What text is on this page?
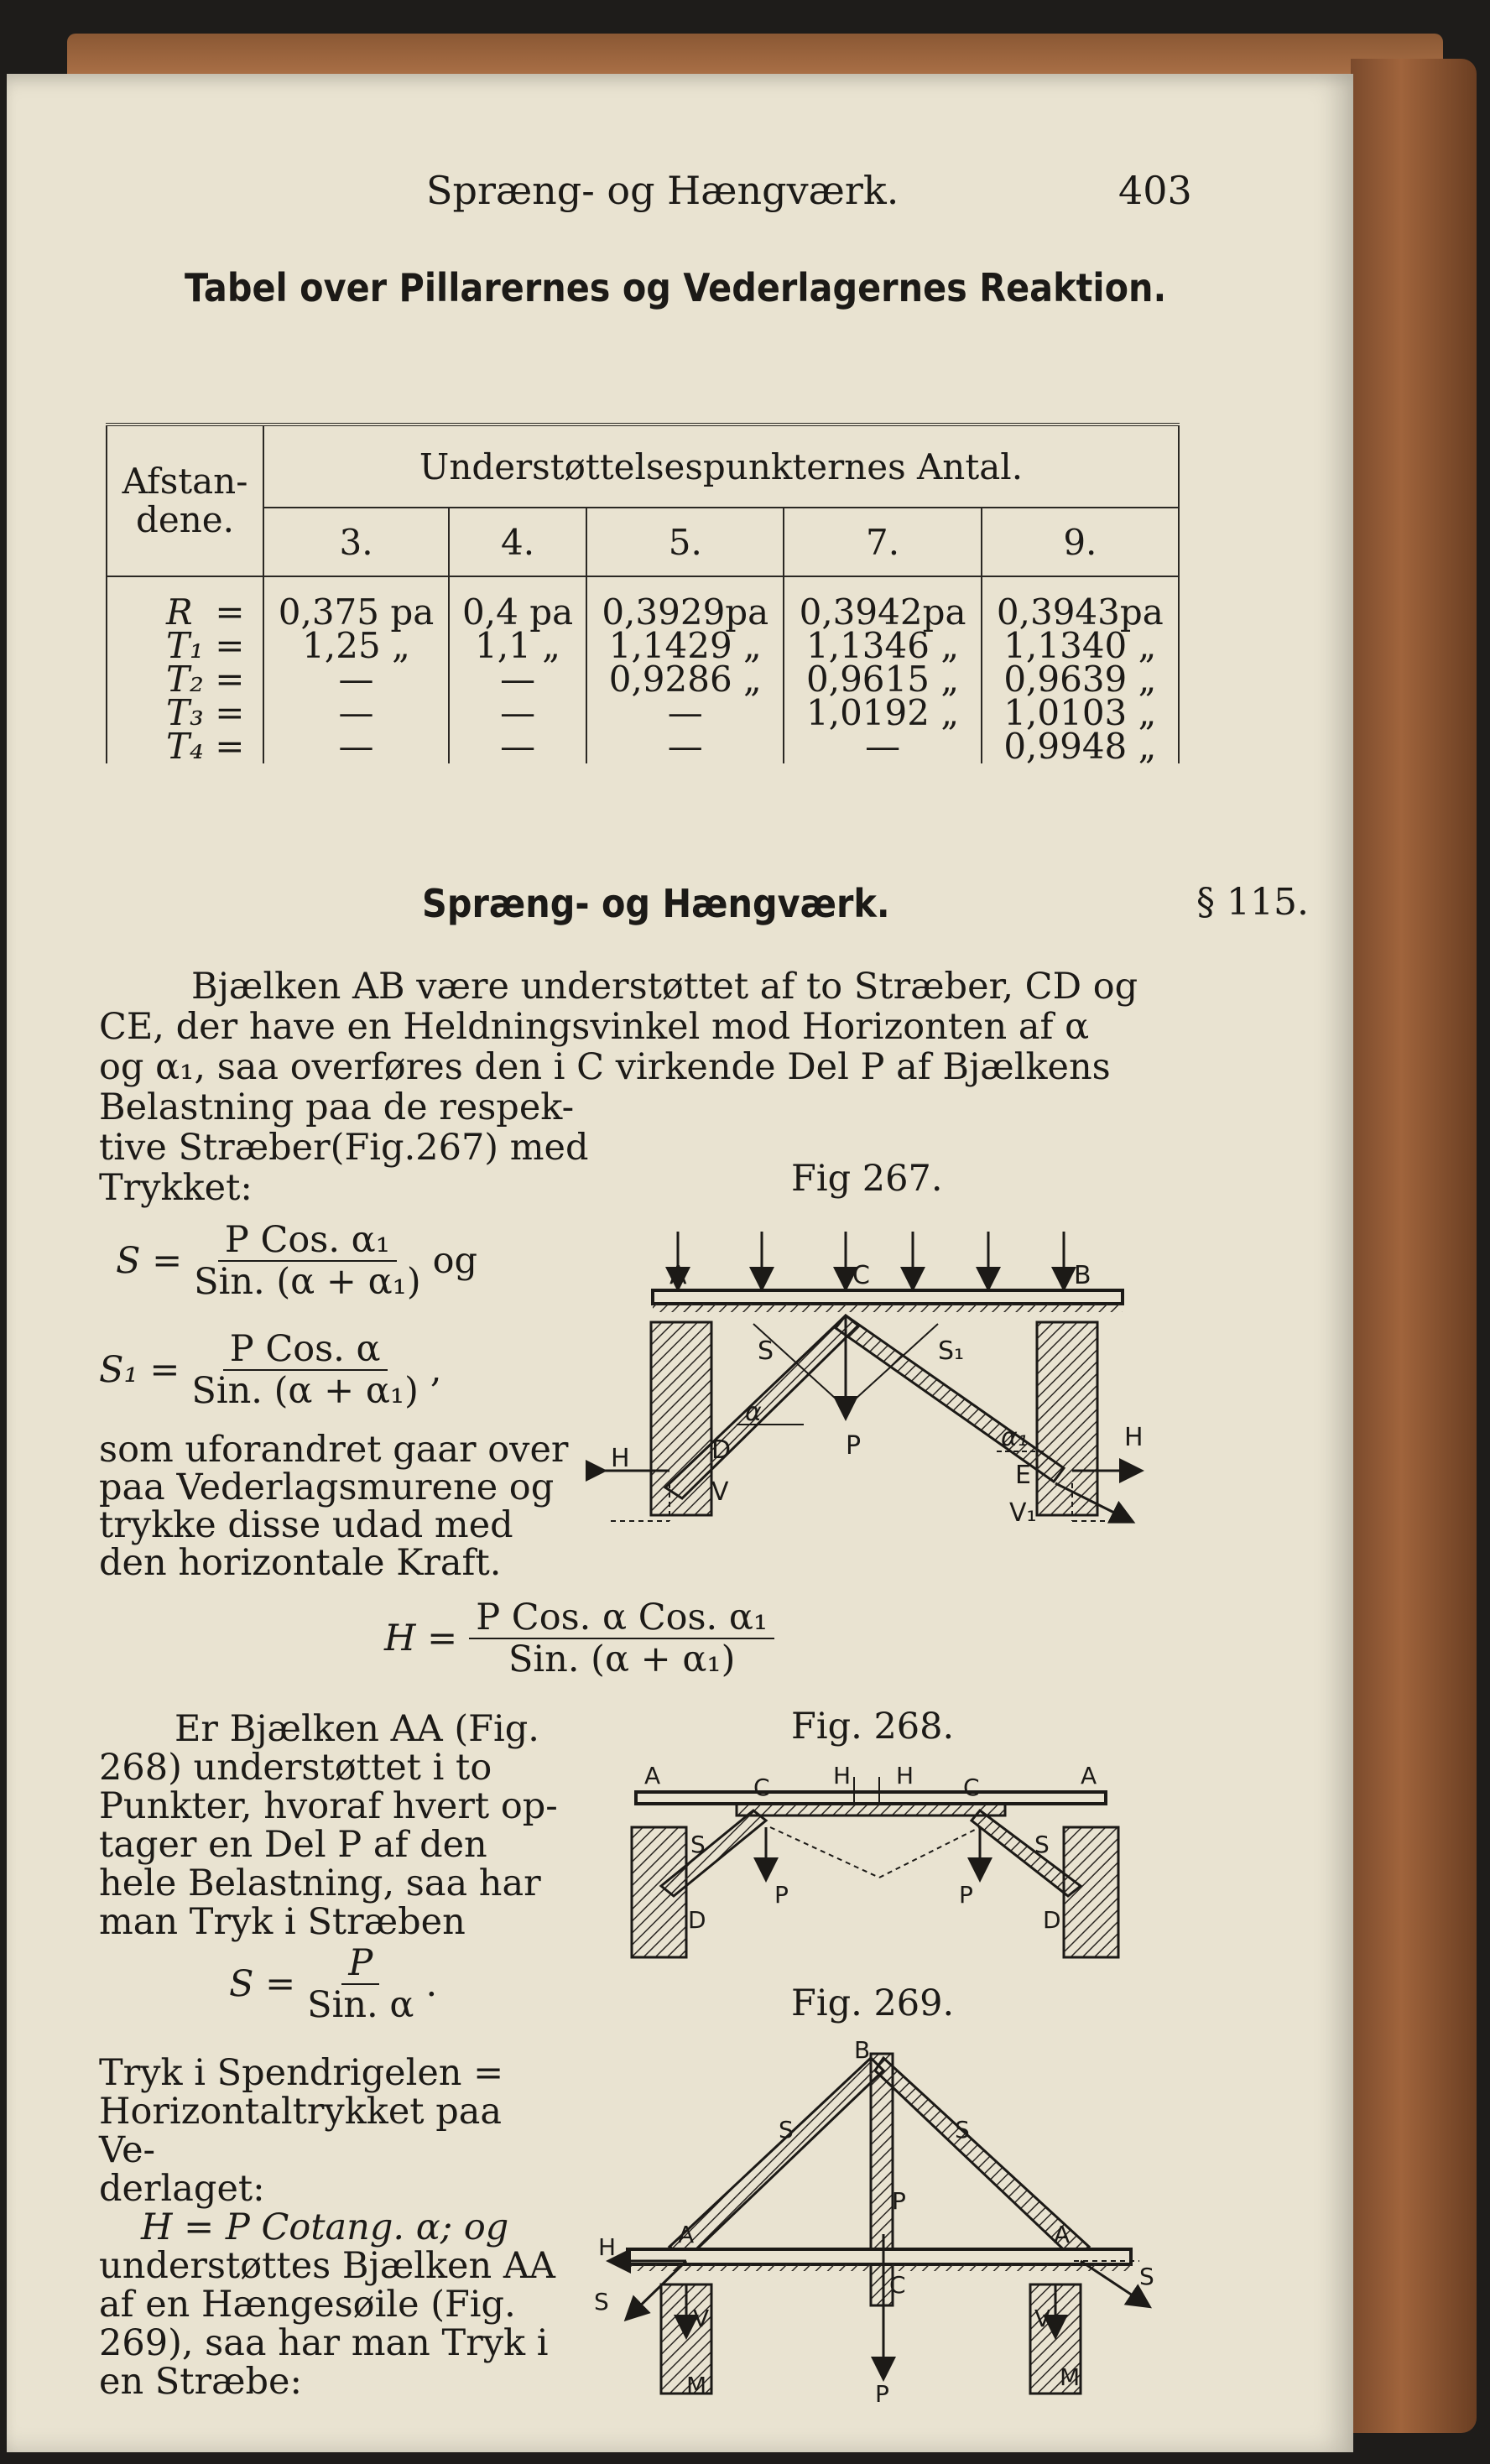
Spræng- og Hængværk.	403
Tabel over Pillarernes og Vederlagernes Reaktion.
Afstan-
dene.	Understøttelsespunkternes Antal.				
	3.	4.	5.	7.	9.
R  =	0,375 pa	0,4 pa	0,3929pa	0,3942pa	0,3943pa
T₁ =	1,25 „	1,1 „	1,1429 „	1,1346 „	1,1340 „
T₂ =	—	—	0,9286 „	0,9615 „	0,9639 „
T₃ =	—	—	—	1,0192 „	1,0103 „
T₄ =	—	—	—	—	0,9948 „
Spræng- og Hængværk.	§ 115.
Bjælken AB være understøttet af to Stræber, CD og
CE, der have en Heldningsvinkel mod Horizonten af α
og α₁, saa overføres den i C virkende Del P af Bjælkens
Belastning paa de respek-
tive Stræber(Fig.267) med
Trykket:
$S = \frac{\text{P Cos. α₁}}{\text{Sin. (α + α₁)}}$ og
$S_1 = \frac{\text{P Cos. α}}{\text{Sin. (α + α₁)}}$ ,
som uforandret gaar over
paa Vederlagsmurene og
trykke disse udad med
den horizontale Kraft.
Fig 267.
A	C	B
S	S₁
H
H
D
E
P
V
V₁
α
α₁
$H = \frac{\text{P Cos. α Cos. α₁}}{\text{Sin. (α + α₁)}}$
Er Bjælken AA (Fig.
268) understøttet i to
Punkter, hvoraf hvert op-
tager en Del P af den
hele Belastning, saa har
man Tryk i Stræben
Fig. 268.
A	A
C	C
H H
S	S
P	P
D	D
$S = \frac{P}{\text{Sin. α}}$ .
Tryk i Spendrigelen =
Horizontaltrykket paa Ve-
derlaget:
H = P Cotang. α; og
understøttes Bjælken AA
af en Hængesøile (Fig.
269), saa har man Tryk i
en Stræbe:
Fig. 269.
B
S	S
A	A
P
C
P
H
S
S
V	V
M	M
